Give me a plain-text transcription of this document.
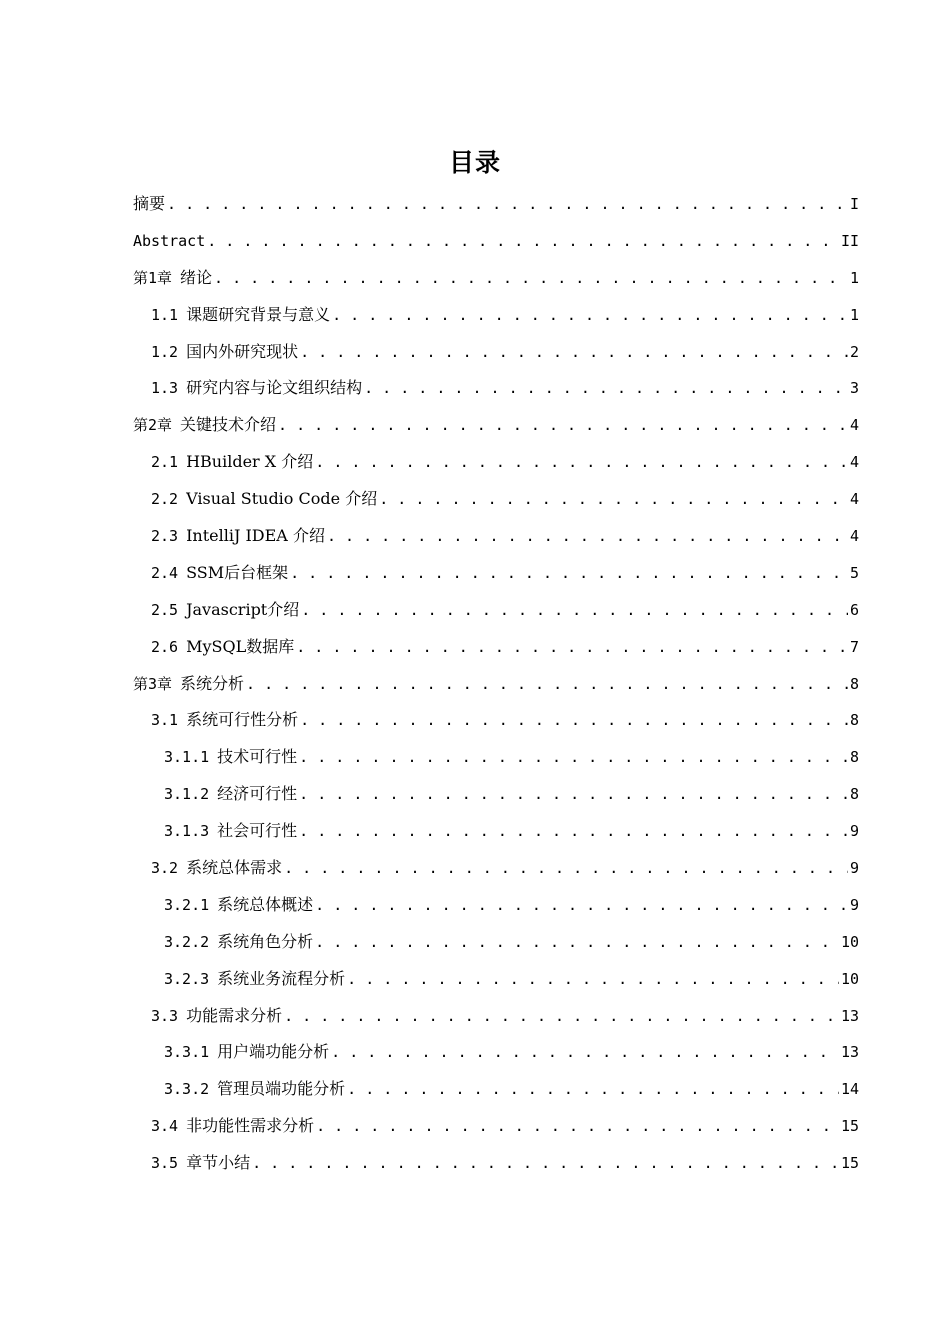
目录
摘要 . . .	I
Abstract . . .	II
第1章 绪论 . . .	1
1.1 课题研究背景与意义 . . .	1
1.2 国内外研究现状 . . .	2
1.3 研究内容与论文组织结构 . . .	3
第2章 关键技术介绍 . . .	4
2.1 HBuilder X 介绍 . . .	4
2.2 Visual Studio Code 介绍 . . .	4
2.3 IntelliJ IDEA 介绍 . . .	4
2.4 SSM后台框架 . . .	5
2.5 Javascript介绍 . . .	6
2.6 MySQL数据库 . . .	7
第3章 系统分析 . . .	8
3.1 系统可行性分析 . . .	8
3.1.1 技术可行性 . . .	8
3.1.2 经济可行性 . . .	8
3.1.3 社会可行性 . . .	9
3.2 系统总体需求 . . .	9
3.2.1 系统总体概述 . . .	9
3.2.2 系统角色分析 . . .	10
3.2.3 系统业务流程分析 . . .	10
3.3 功能需求分析 . . .	13
3.3.1 用户端功能分析 . . .	13
3.3.2 管理员端功能分析 . . .	14
3.4 非功能性需求分析 . . .	15
3.5 章节小结 . . .	15
